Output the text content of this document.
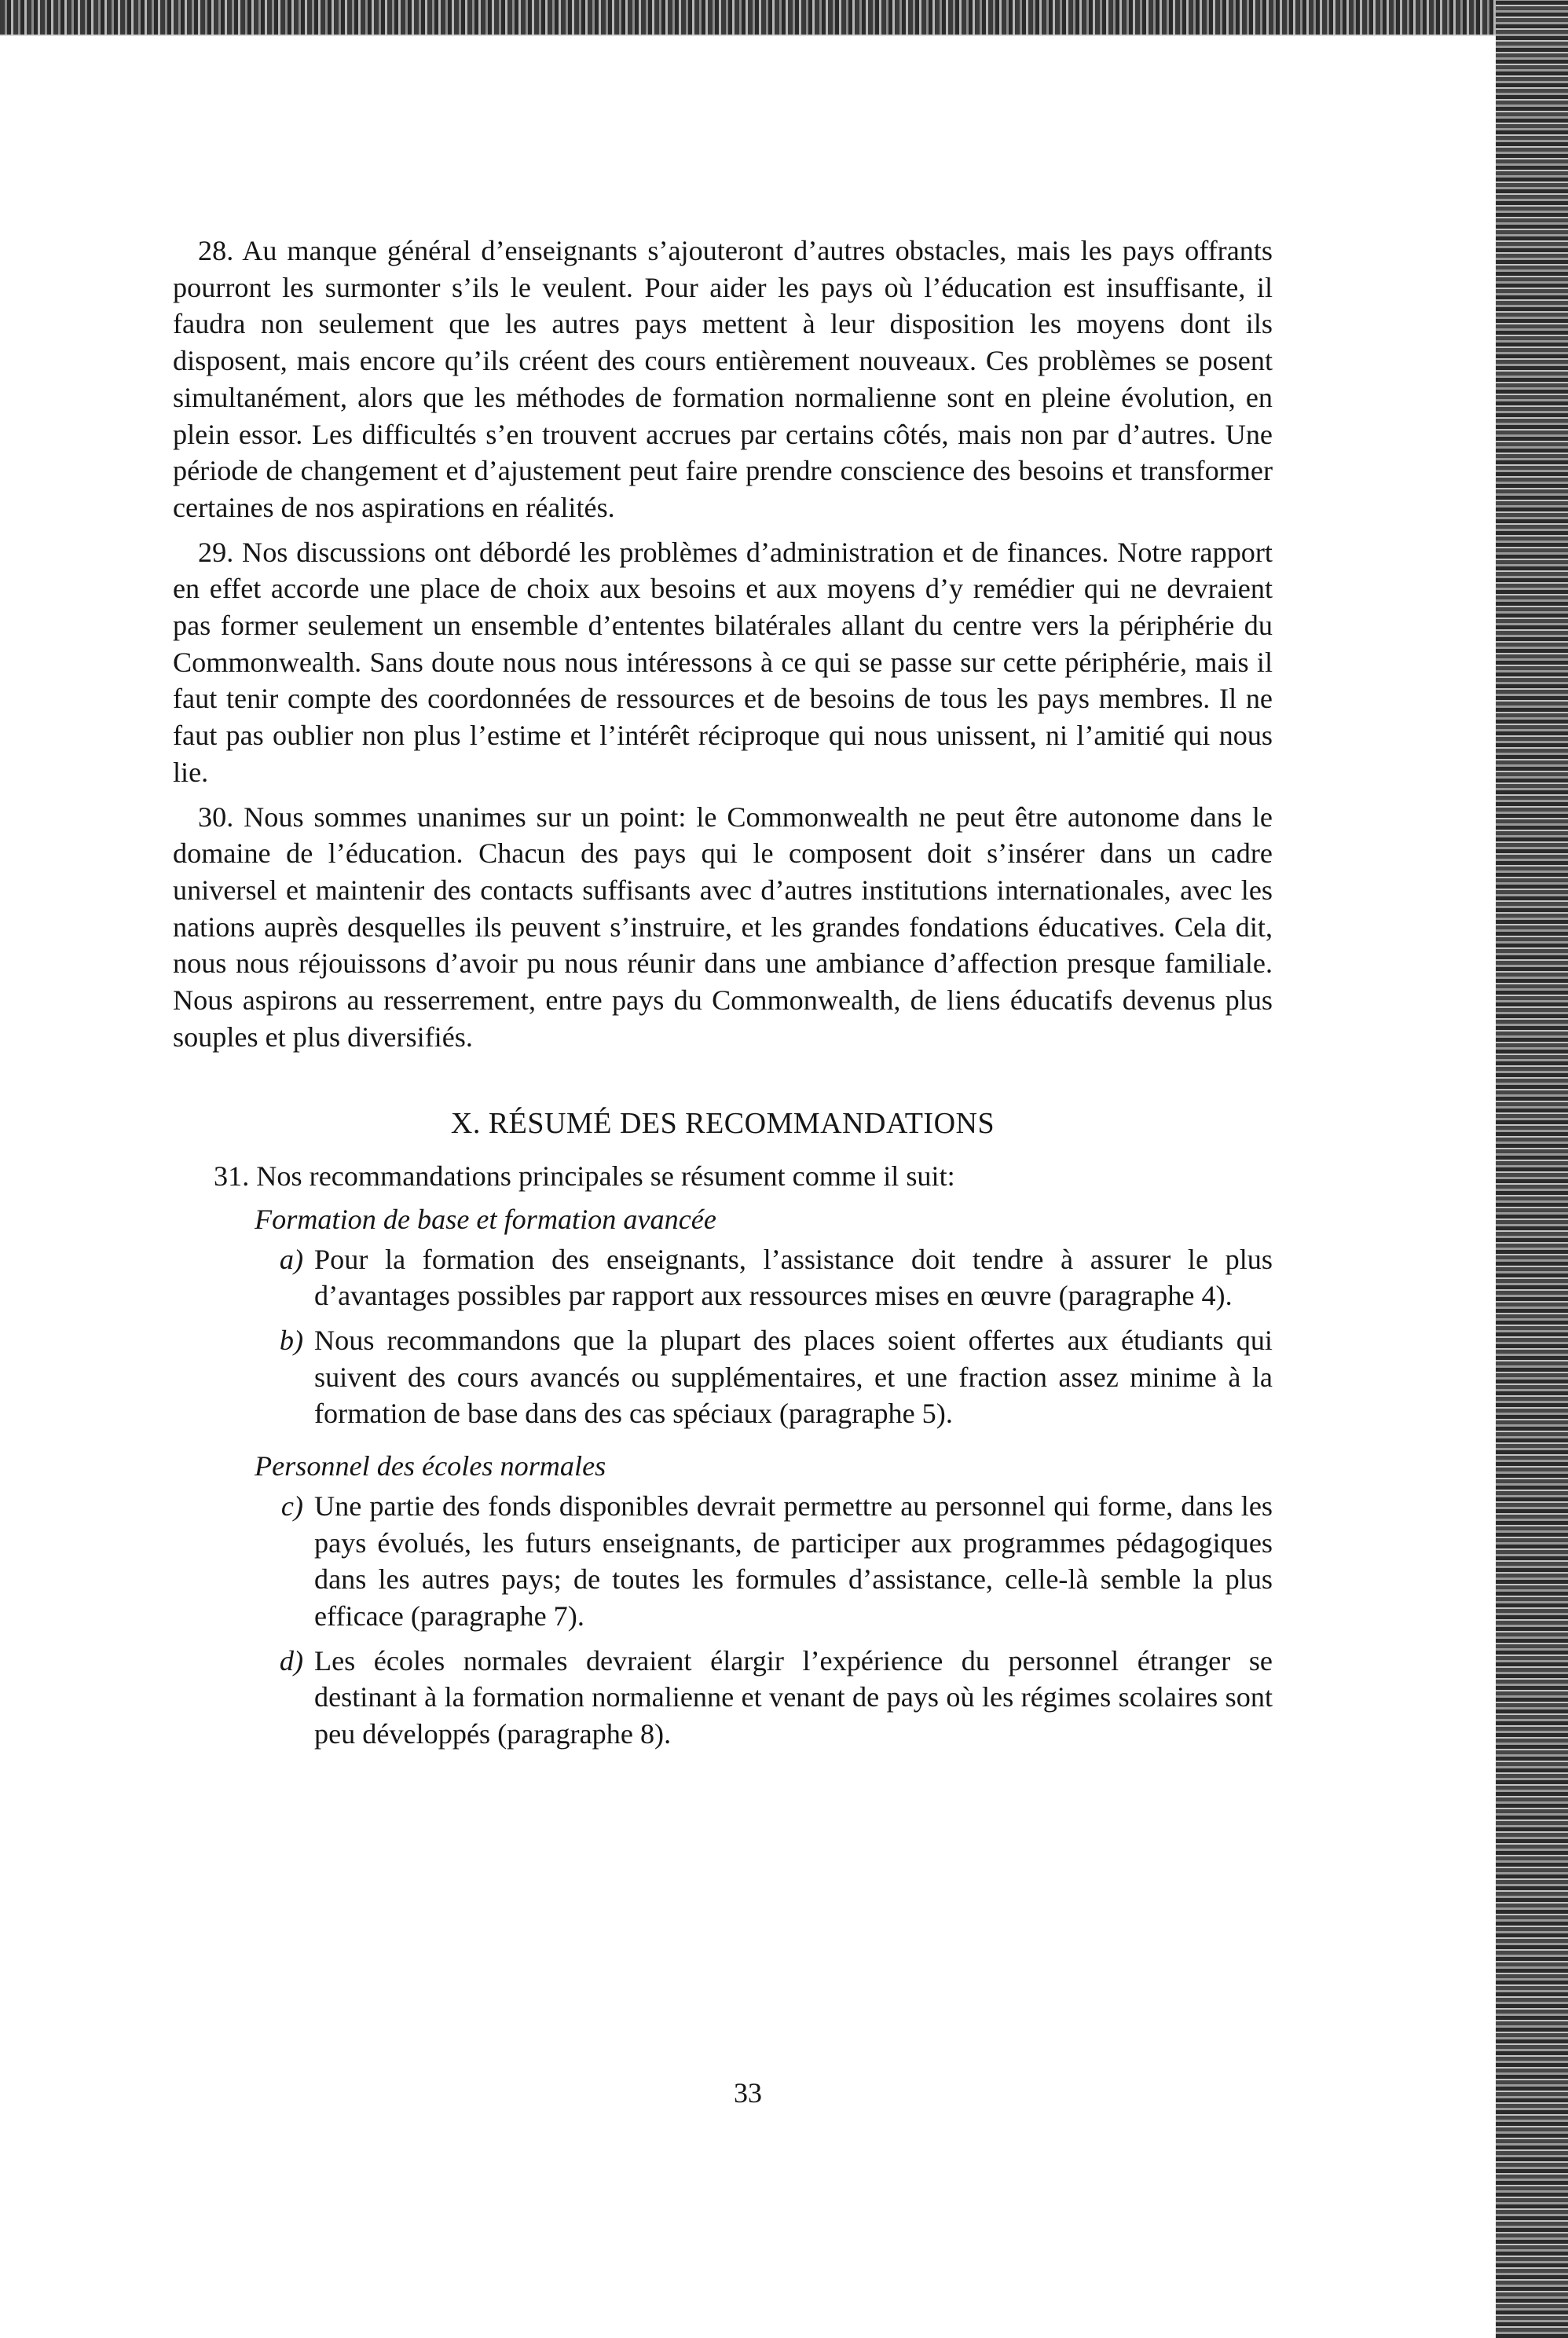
28. Au manque général d’enseignants s’ajouteront d’autres obstacles, mais les pays offrants pourront les surmonter s’ils le veulent. Pour aider les pays où l’éducation est insuffisante, il faudra non seulement que les autres pays mettent à leur disposition les moyens dont ils disposent, mais encore qu’ils créent des cours entièrement nouveaux. Ces problèmes se posent simultanément, alors que les méthodes de formation normalienne sont en pleine évolution, en plein essor. Les difficultés s’en trouvent accrues par certains côtés, mais non par d’autres. Une période de changement et d’ajustement peut faire prendre conscience des besoins et transformer certaines de nos aspirations en réalités.

29. Nos discussions ont débordé les problèmes d’administration et de finances. Notre rapport en effet accorde une place de choix aux besoins et aux moyens d’y remédier qui ne devraient pas former seulement un ensemble d’ententes bilatérales allant du centre vers la périphérie du Commonwealth. Sans doute nous nous intéressons à ce qui se passe sur cette périphérie, mais il faut tenir compte des coordonnées de ressources et de besoins de tous les pays membres. Il ne faut pas oublier non plus l’estime et l’intérêt réciproque qui nous unissent, ni l’amitié qui nous lie.

30. Nous sommes unanimes sur un point: le Commonwealth ne peut être autonome dans le domaine de l’éducation. Chacun des pays qui le composent doit s’insérer dans un cadre universel et maintenir des contacts suffisants avec d’autres institutions internationales, avec les nations auprès desquelles ils peuvent s’instruire, et les grandes fondations éducatives. Cela dit, nous nous réjouissons d’avoir pu nous réunir dans une ambiance d’affection presque familiale. Nous aspirons au resserrement, entre pays du Commonwealth, de liens éducatifs devenus plus souples et plus diversifiés.

X. RÉSUMÉ DES RECOMMANDATIONS

31. Nos recommandations principales se résument comme il suit:

Formation de base et formation avancée

a) Pour la formation des enseignants, l’assistance doit tendre à assurer le plus d’avantages possibles par rapport aux ressources mises en œuvre (paragraphe 4).
b) Nous recommandons que la plupart des places soient offertes aux étudiants qui suivent des cours avancés ou supplémentaires, et une fraction assez minime à la formation de base dans des cas spéciaux (paragraphe 5).

Personnel des écoles normales

c) Une partie des fonds disponibles devrait permettre au personnel qui forme, dans les pays évolués, les futurs enseignants, de participer aux programmes pédagogiques dans les autres pays; de toutes les formules d’assistance, celle-là semble la plus efficace (paragraphe 7).
d) Les écoles normales devraient élargir l’expérience du personnel étranger se destinant à la formation normalienne et venant de pays où les régimes scolaires sont peu développés (paragraphe 8).
33
